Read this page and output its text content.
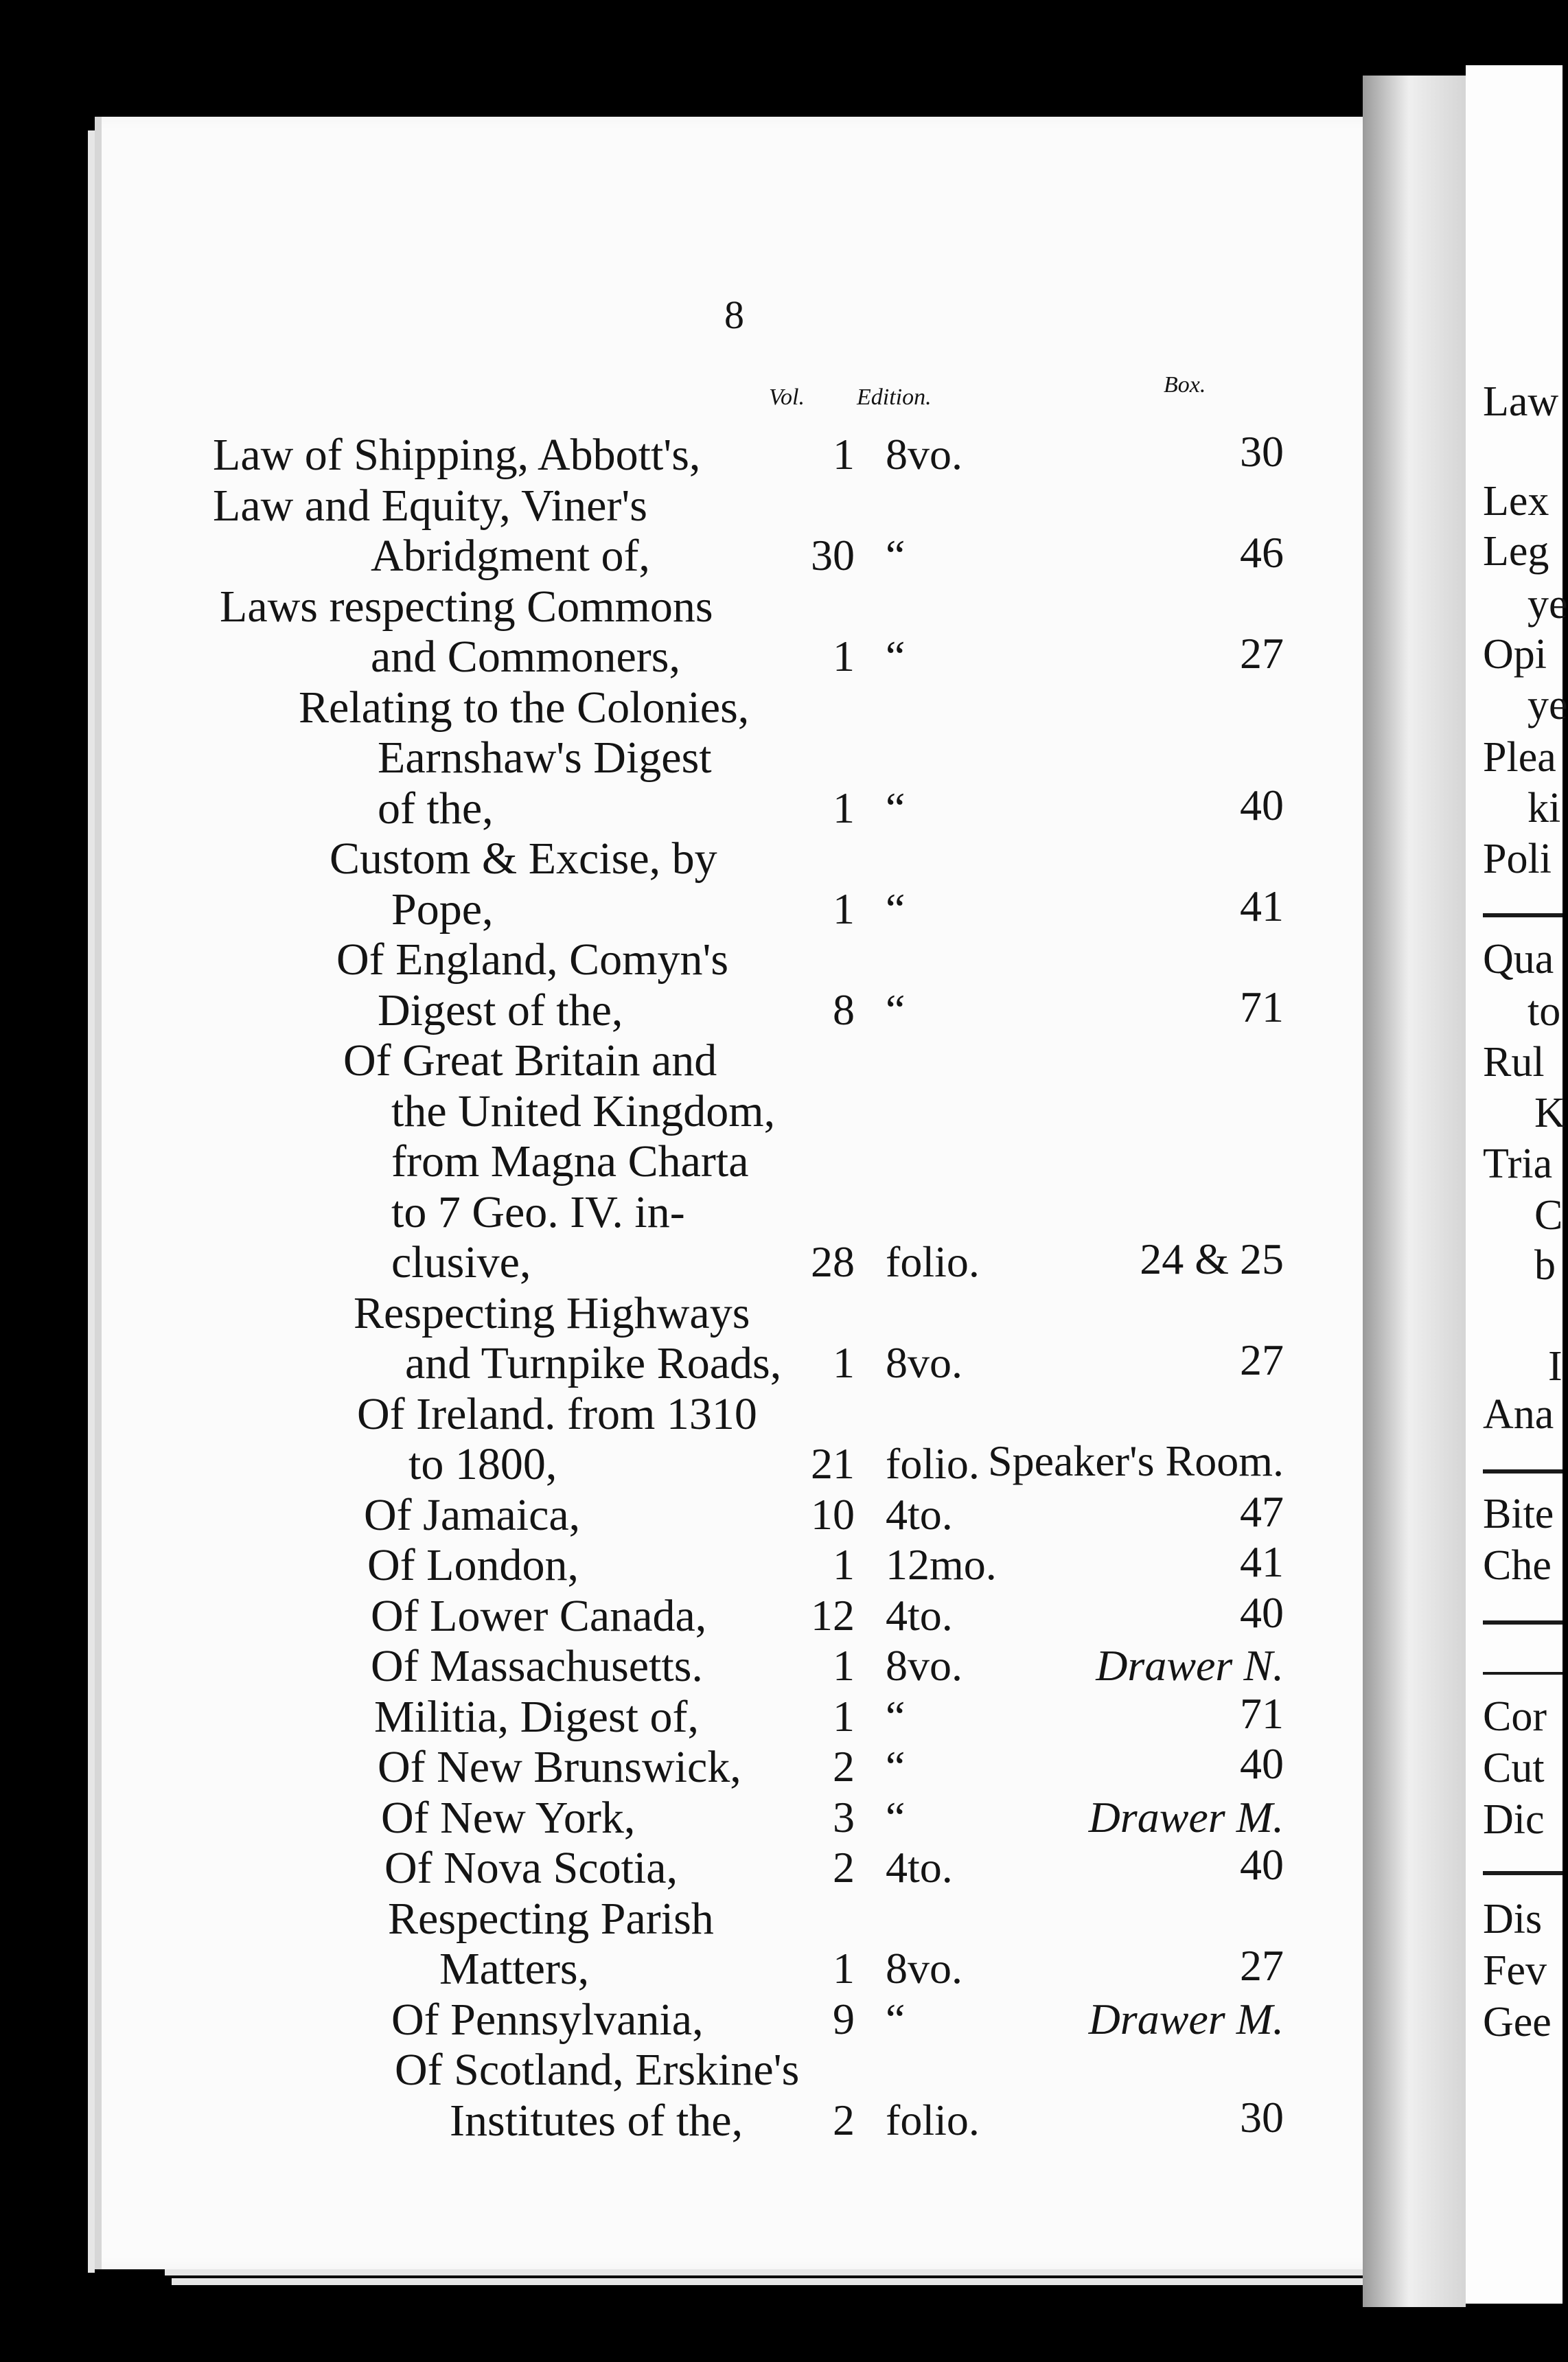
8
Vol. Edition.	Box.
Law of Shipping, Abbott's,	1 8vo.	30
Law and Equity, Viner's
Abridgment of,	30 “	46
Laws respecting Commons
and Commoners,	1 “	27
Relating to the Colonies,
Earnshaw's Digest
of the,	1 “	40
Custom & Excise, by
Pope,	1 “	41
Of England, Comyn's
Digest of the,	8 “	71
Of Great Britain and
the United Kingdom,
from Magna Charta
to 7 Geo. IV. in-
clusive,	28 folio.	24 & 25
Respecting Highways
and Turnpike Roads, 1 8vo.	27
Of Ireland. from 1310
to 1800,	21 folio. Speaker's Room.
Of Jamaica,	10 4to.	47
Of London,	1 12mo.	41
Of Lower Canada, 12 4to.	40
Of Massachusetts.	1 8vo.	Drawer N.
Militia, Digest of,	1 “	71
Of New Brunswick, 2 “	40
Of New York,	3 “	Drawer M.
Of Nova Scotia,	2 4to.	40
Respecting Parish
Matters,	1 8vo.	27
Of Pennsylvania,	9 “	Drawer M.
Of Scotland, Erskine's
Institutes of the, 2 folio.	30
Law
Lex
Leg
ye
Opi
ye
Plea
ki
Poli
Qua
to
Rul
K
Tria
C
b
I
Ana
Bite
Che
Cor
Cut
Dic
Dis
Fev
Gee
